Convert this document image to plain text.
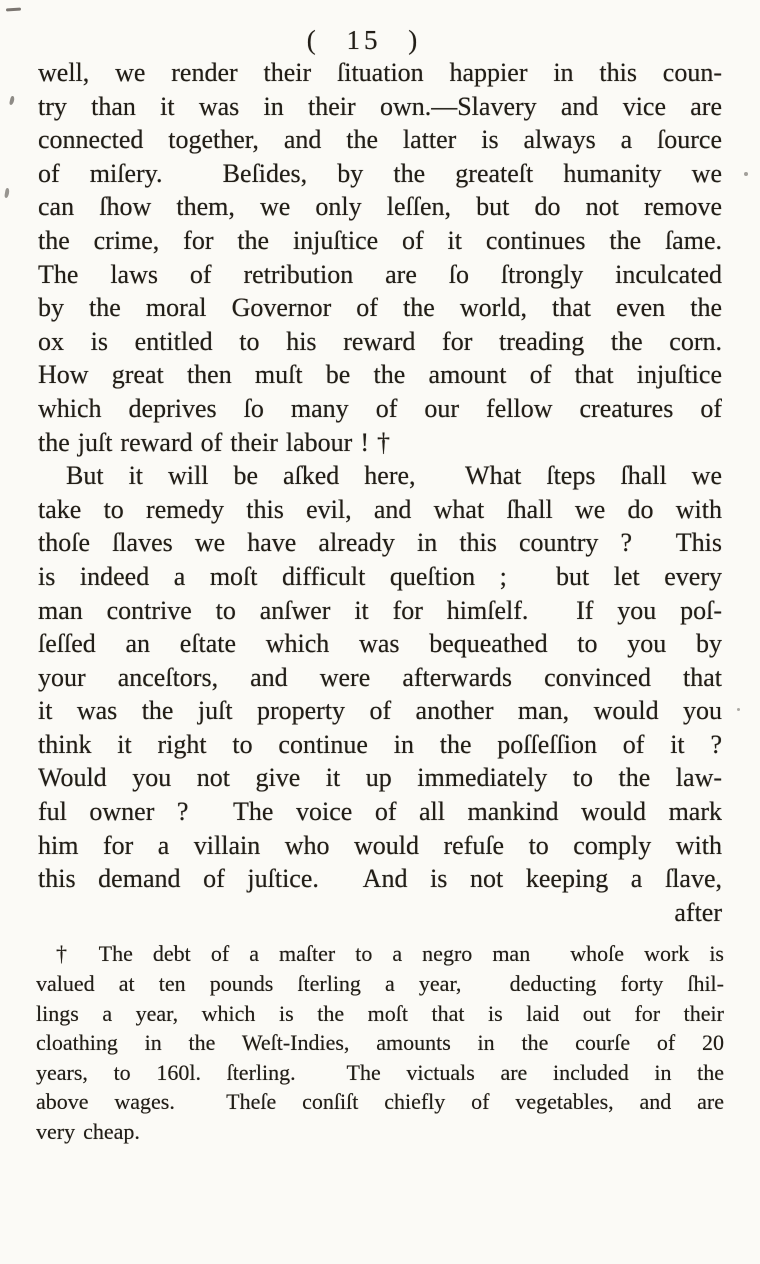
( 15 )
well, we render their ſituation happier in this coun-
try than it was in their own.—Slavery and vice are
connected together, and the latter is always a ſource
of miſery.  Beſides, by the greateſt humanity we
can ſhow them, we only leſſen, but do not remove
the crime, for the injuſtice of it continues the ſame.
The laws of retribution are ſo ſtrongly inculcated
by the moral Governor of the world, that even the
ox is entitled to his reward for treading the corn.
How great then muſt be the amount of that injuſtice
which deprives ſo many of our fellow creatures of
the juſt reward of their labour ! †
But it will be aſked here,  What ſteps ſhall we
take to remedy this evil, and what ſhall we do with
thoſe ſlaves we have already in this country ?  This
is indeed a moſt difficult queſtion ;  but let every
man contrive to anſwer it for himſelf.  If you poſ-
ſeſſed an eſtate which was bequeathed to you by
your anceſtors, and were afterwards convinced that
it was the juſt property of another man, would you
think it right to continue in the poſſeſſion of it ?
Would you not give it up immediately to the law-
ful owner ?  The voice of all mankind would mark
him for a villain who would refuſe to comply with
this demand of juſtice.  And is not keeping a ſlave,
after
† The debt of a maſter to a negro man  whoſe work is
valued at ten pounds ſterling a year,  deducting forty ſhil-
lings a year, which is the moſt that is laid out for their
cloathing in the Weſt-Indies, amounts in the courſe of 20
years, to 160l. ſterling.  The victuals are included in the
above wages.  Theſe conſiſt chiefly of vegetables, and are
very cheap.
